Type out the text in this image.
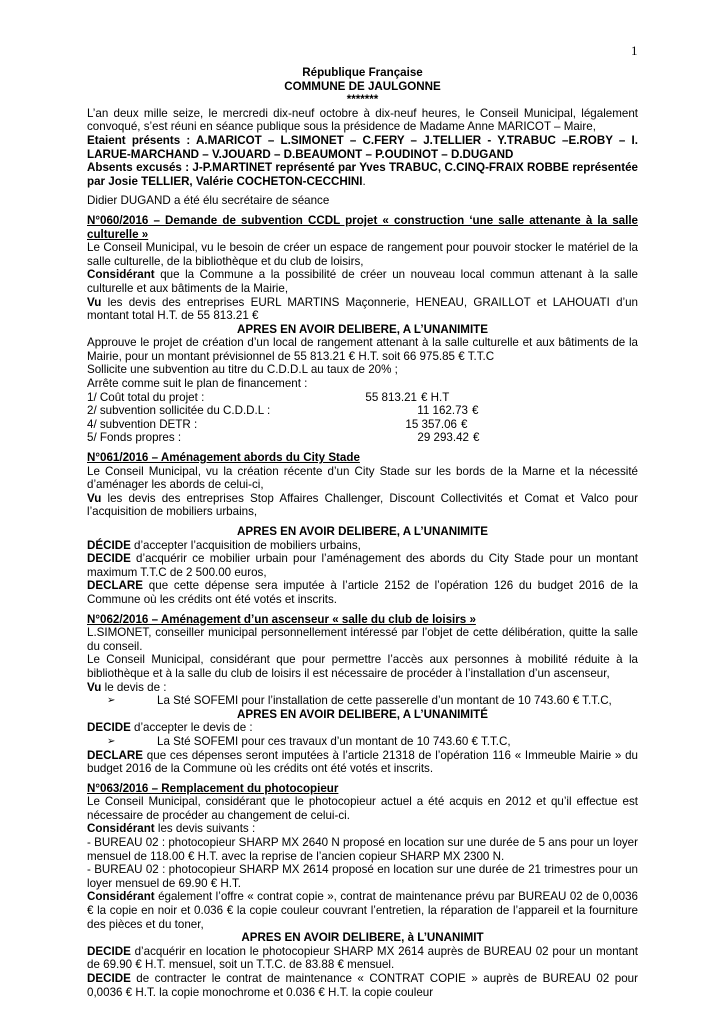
1

République Française

COMMUNE DE JAULGONNE

*******

L’an deux mille seize, le mercredi dix-neuf octobre à dix-neuf heures, le Conseil Municipal, légalement convoqué, s’est réuni en séance publique sous la présidence de Madame Anne MARICOT – Maire,

Etaient présents : A.MARICOT – L.SIMONET – C.FERY – J.TELLIER - Y.TRABUC –E.ROBY – I. LARUE-MARCHAND – V.JOUARD – D.BEAUMONT – P.OUDINOT – D.DUGAND

Absents excusés : J-P.MARTINET représenté par Yves TRABUC, C.CINQ-FRAIX ROBBE représentée par Josie TELLIER, Valérie COCHETON-CECCHINI.

Didier DUGAND a été élu secrétaire de séance

N°060/2016 – Demande de subvention CCDL projet « construction ‘une salle attenante à la salle culturelle »

Le Conseil Municipal, vu le besoin de créer un espace de rangement pour pouvoir stocker le matériel de la salle culturelle, de la bibliothèque et du club de loisirs,

Considérant que la Commune a la possibilité de créer un nouveau local commun attenant à la salle culturelle et aux bâtiments de la Mairie,

Vu les devis des entreprises EURL MARTINS Maçonnerie, HENEAU, GRAILLOT et LAHOUATI d’un montant total H.T. de 55 813.21 €

APRES EN AVOIR DELIBERE, A L’UNANIMITE

Approuve le projet de création d’un local de rangement attenant à la salle culturelle et aux bâtiments de la Mairie, pour un montant prévisionnel de 55 813.21 € H.T. soit 66 975.85 € T.T.C

Sollicite une subvention au titre du C.D.D.L au taux de 20% ;

Arrête comme suit le plan de financement :

1/ Coût total du projet :	55 813.21 € H.T
2/ subvention sollicitée du C.D.D.L :	11 162.73 €
4/ subvention DETR :	15 357.06 €
5/ Fonds propres :	29 293.42 €

N°061/2016 – Aménagement abords du City Stade

Le Conseil Municipal, vu la création récente d’un City Stade sur les bords de la Marne et la nécessité d’aménager les abords de celui-ci,

Vu les devis des entreprises Stop Affaires Challenger, Discount Collectivités et Comat et Valco pour l’acquisition de mobiliers urbains,

APRES EN AVOIR DELIBERE, A L’UNANIMITE

DÉCIDE d’accepter l’acquisition de mobiliers urbains,

DECIDE d’acquérir ce mobilier urbain pour l’aménagement des abords du City Stade pour un montant maximum T.T.C de 2 500.00 euros,

DECLARE que cette dépense sera imputée à l’article 2152 de l’opération 126 du budget 2016 de la Commune où les crédits ont été votés et inscrits.

N°062/2016 – Aménagement d’un ascenseur « salle du club de loisirs »

L.SIMONET, conseiller municipal personnellement intéressé par l’objet de cette délibération, quitte la salle du conseil.

Le Conseil Municipal, considérant que pour permettre l’accès aux personnes à mobilité réduite à la bibliothèque et à la salle du club de loisirs il est nécessaire de procéder à l’installation d’un ascenseur,

Vu le devis de :

➢	La Sté SOFEMI pour l’installation de cette passerelle d’un montant de 10 743.60 € T.T.C,

APRES EN AVOIR DELIBERE, A L’UNANIMITÉ

DECIDE d’accepter le devis de :

➢	La Sté SOFEMI pour ces travaux d’un montant de 10 743.60 € T.T.C,

DECLARE que ces dépenses seront imputées à l’article 21318 de l’opération 116 « Immeuble Mairie » du budget 2016 de la Commune où les crédits ont été votés et inscrits.

N°063/2016 – Remplacement du photocopieur

Le Conseil Municipal, considérant que le photocopieur actuel a été acquis en 2012 et qu’il effectue est nécessaire de procéder au changement de celui-ci.

Considérant les devis suivants :

- BUREAU 02 : photocopieur SHARP MX 2640 N proposé en location sur une durée de 5 ans pour un loyer mensuel de 118.00 € H.T. avec la reprise de l’ancien copieur SHARP MX 2300 N.

- BUREAU 02 : photocopieur SHARP MX 2614 proposé en location sur une durée de 21 trimestres pour un loyer mensuel de 69.90 € H.T.

Considérant également l’offre « contrat copie », contrat de maintenance prévu par BUREAU 02 de 0,0036 € la copie en noir et 0.036 € la copie couleur couvrant l’entretien, la réparation de l’appareil et la fourniture des pièces et du toner,

APRES EN AVOIR DELIBERE, à L’UNANIMIT

DECIDE d’acquérir en location le photocopieur SHARP MX 2614 auprès de BUREAU 02 pour un montant de 69.90 € H.T. mensuel, soit un T.T.C. de 83.88 € mensuel.

DECIDE de contracter le contrat de maintenance « CONTRAT COPIE » auprès de BUREAU 02 pour 0,0036 € H.T. la copie monochrome et 0.036 € H.T. la copie couleur
